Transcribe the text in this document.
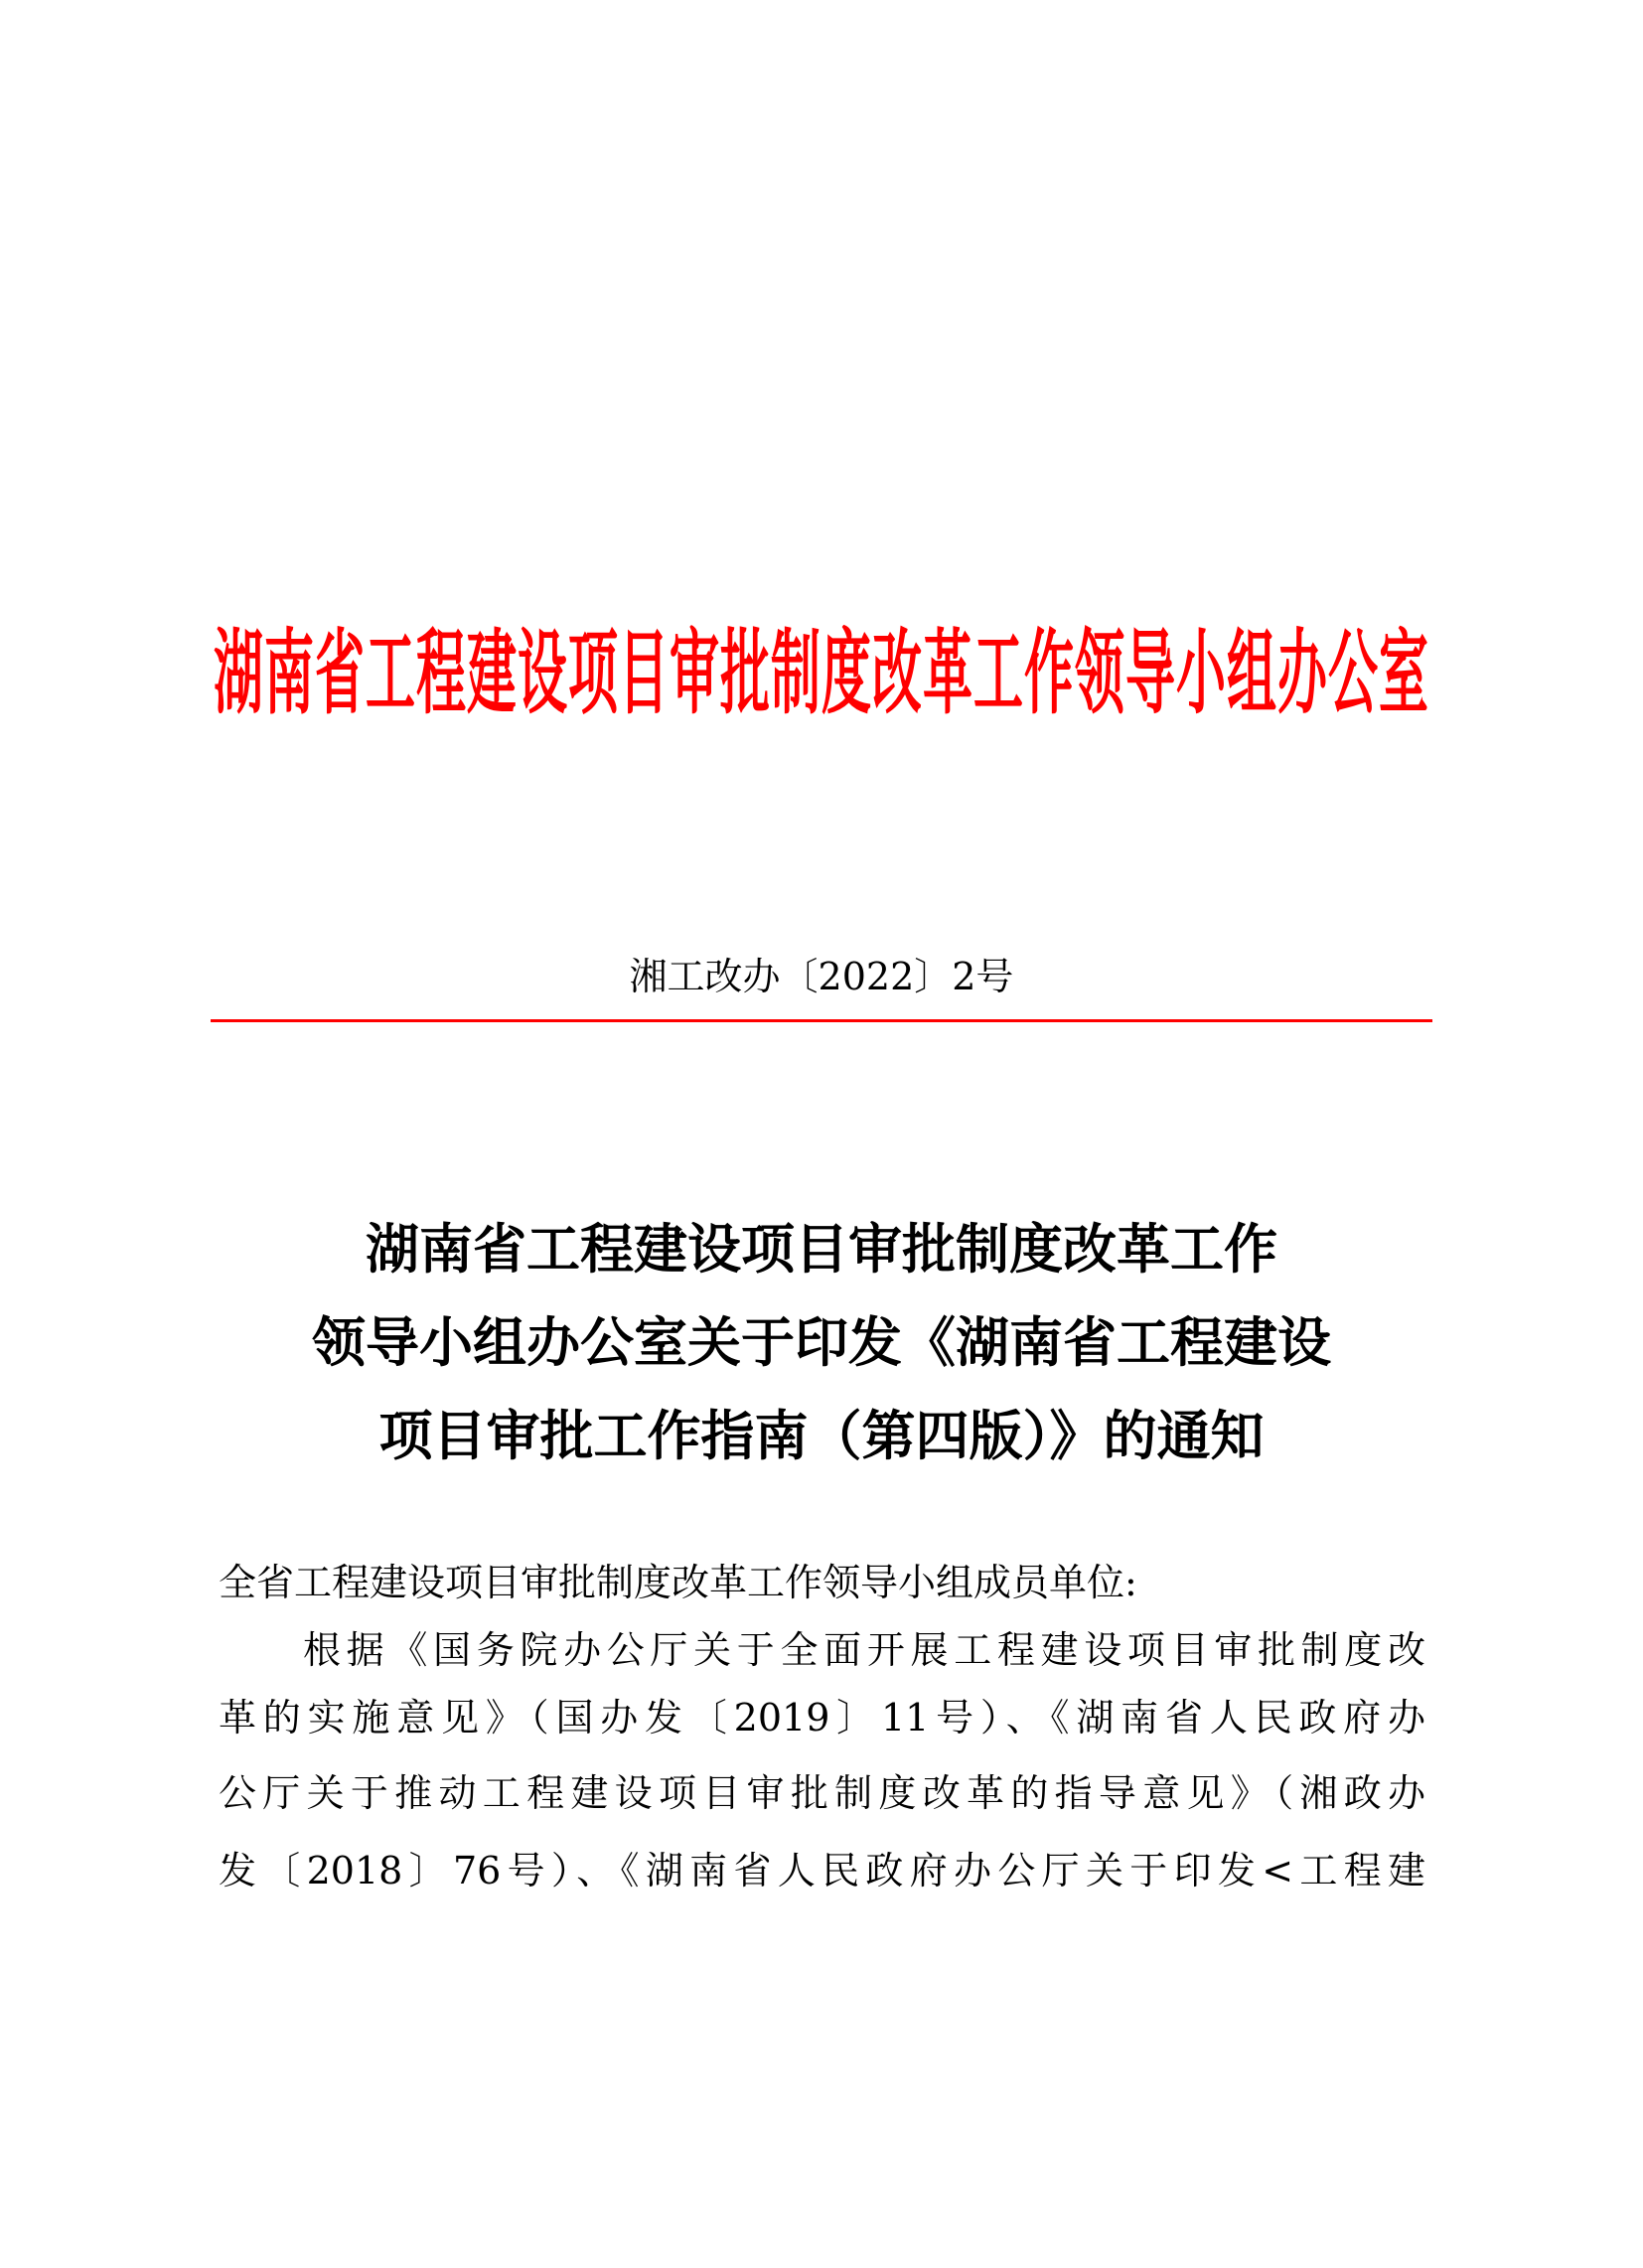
湖南省工程建设项目审批制度改革工作领导小组办公室
湘工改办〔2022〕2号
湖南省工程建设项目审批制度改革工作
领导小组办公室关于印发《湖南省工程建设
项目审批工作指南（第四版）》的通知
全省工程建设项目审批制度改革工作领导小组成员单位:
根据《国务院办公厅关于全面开展工程建设项目审批制度改
革的实施意见》（国办发〔2019〕11号）、《湖南省人民政府办
公厅关于推动工程建设项目审批制度改革的指导意见》（湘政办
发〔2018〕76号）、《湖南省人民政府办公厅关于印发<工程建
